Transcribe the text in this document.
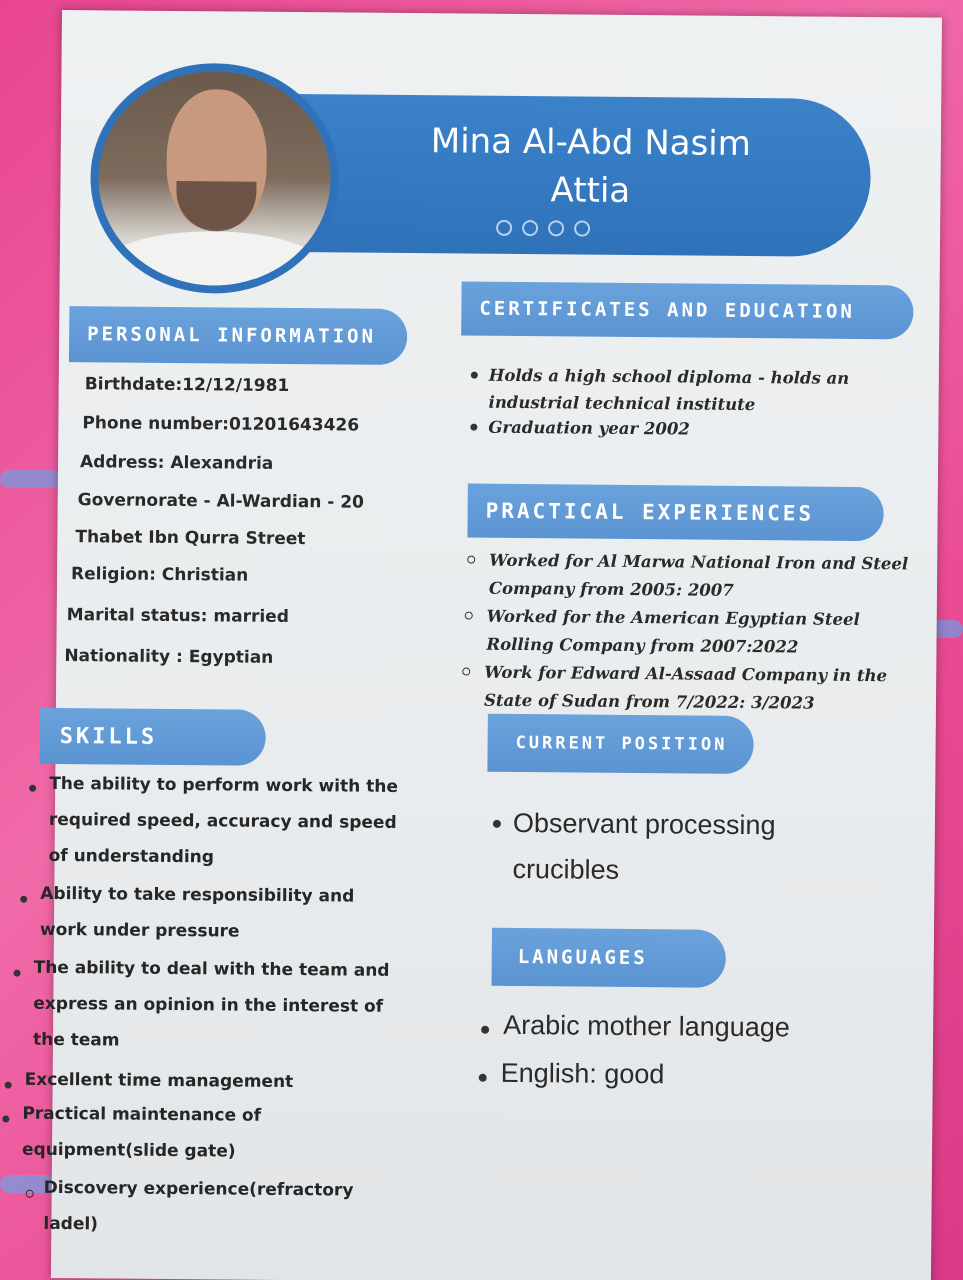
Mina Al-Abd Nasim
Attia
PERSONAL INFORMATION
Birthdate:12/12/1981
Phone number:01201643426
Address: Alexandria
Governorate - Al-Wardian - 20
Thabet Ibn Qurra Street
Religion: Christian
Marital status: married
Nationality : Egyptian
CERTIFICATES AND EDUCATION
Holds a high school diploma - holds an
industrial technical institute
Graduation year 2002
PRACTICAL EXPERIENCES
Worked for Al Marwa National Iron and Steel
Company from 2005: 2007
Worked for the American Egyptian Steel
Rolling Company from 2007:2022
Work for Edward Al-Assaad Company in the
State of Sudan from 7/2022: 3/2023
SKILLS
The ability to perform work with the
required speed, accuracy and speed
of understanding
Ability to take responsibility and
work under pressure
The ability to deal with the team and
express an opinion in the interest of
the team
Excellent time management
Practical maintenance of
equipment(slide gate)
Discovery experience(refractory
ladel)
CURRENT POSITION
Observant processing
crucibles
LANGUAGES
Arabic mother language
English: good
